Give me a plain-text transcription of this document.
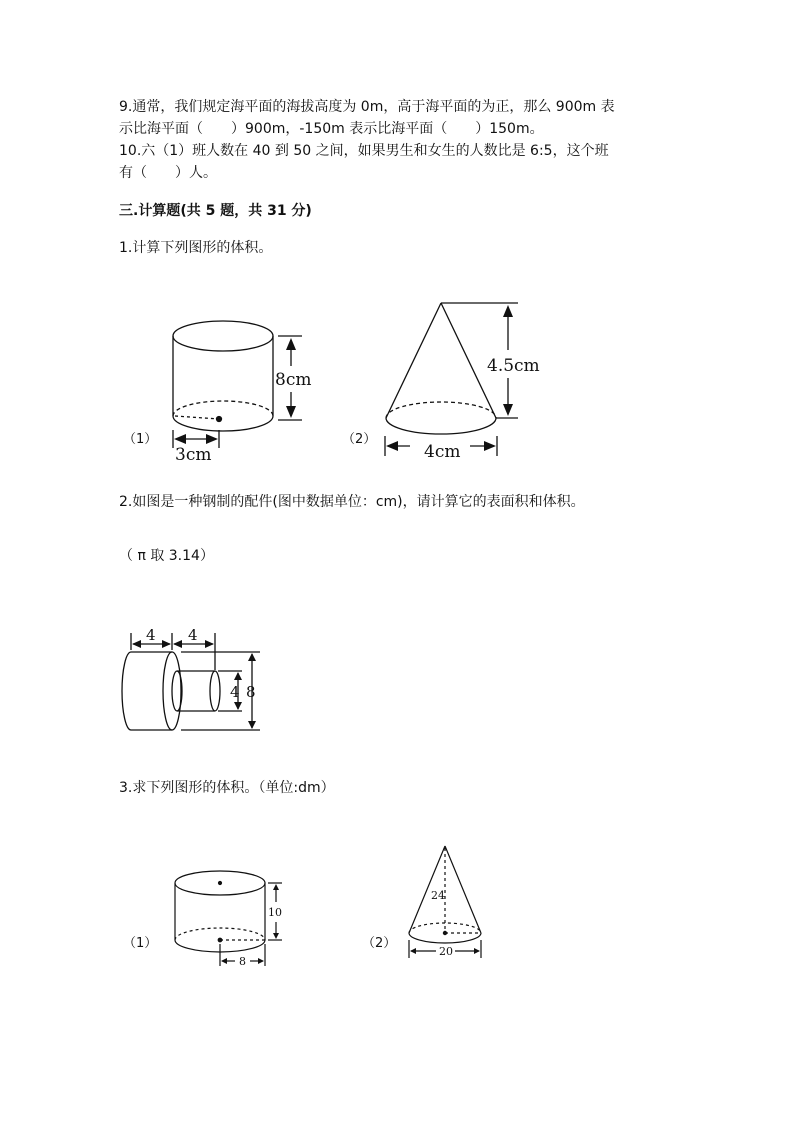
9.通常，我们规定海平面的海拔高度为 0m，高于海平面的为正，那么 900m 表
示比海平面（　　）900m，-150m 表示比海平面（　　）150m。
10.六（1）班人数在 40 到 50 之间，如果男生和女生的人数比是 6:5，这个班
有（　　）人。
三.计算题(共 5 题，共 31 分)
1.计算下列图形的体积。
（1）
8cm
3cm
（2）
4.5cm
4cm
2.如图是一种钢制的配件(图中数据单位：cm)，请计算它的表面积和体积。
（ π 取 3.14）
4 4
4 8
3.求下列图形的体积。（单位:dm）
（1）
10
8
（2）
24
20
